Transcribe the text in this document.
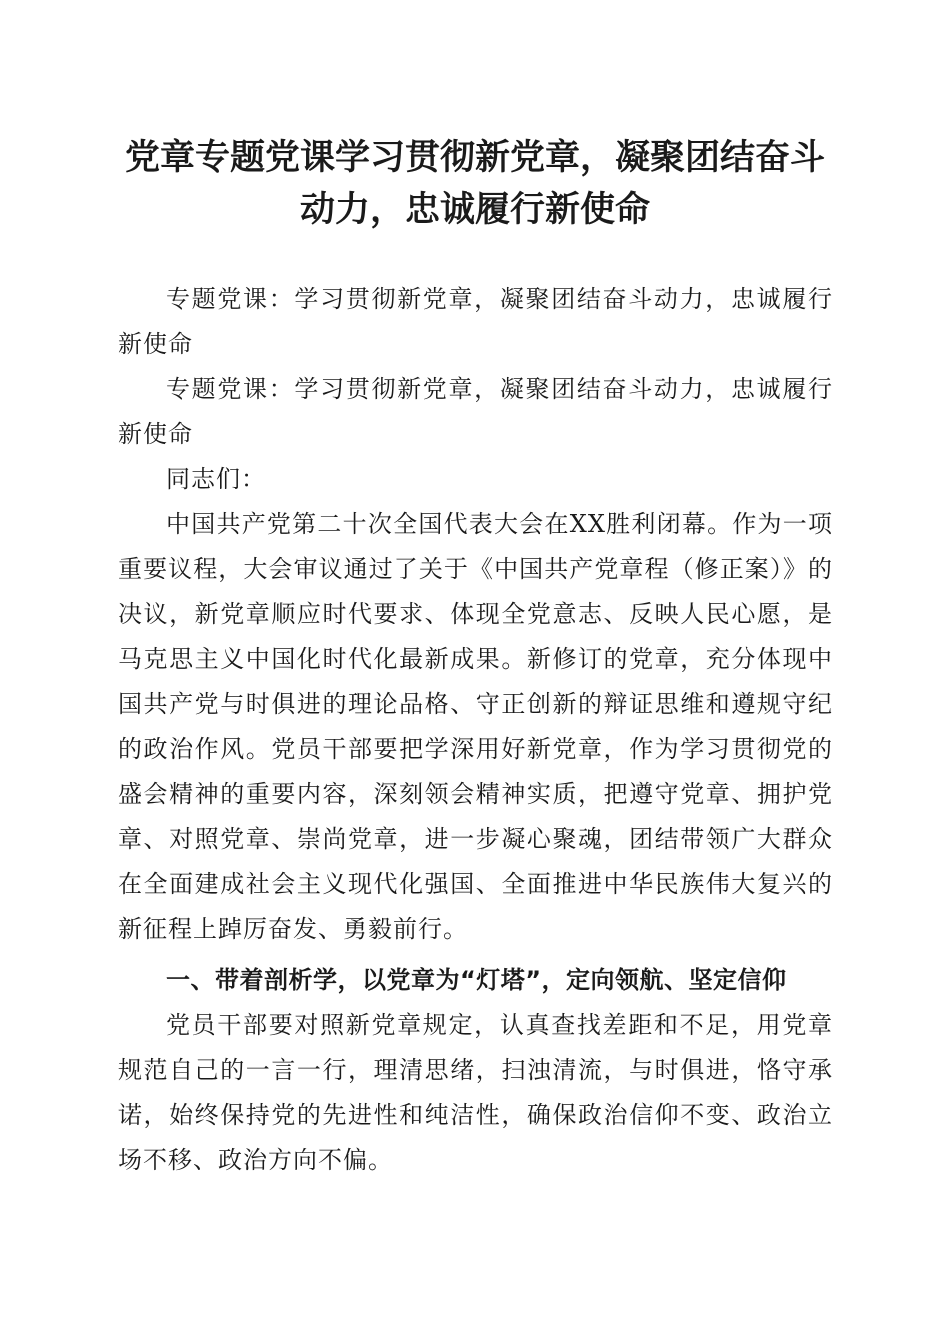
党章专题党课学习贯彻新党章，凝聚团结奋斗动力，忠诚履行新使命

专题党课：学习贯彻新党章，凝聚团结奋斗动力，忠诚履行新使命

专题党课：学习贯彻新党章，凝聚团结奋斗动力，忠诚履行新使命

同志们：

中国共产党第二十次全国代表大会在XX胜利闭幕。作为一项重要议程，大会审议通过了关于《中国共产党章程（修正案）》的决议，新党章顺应时代要求、体现全党意志、反映人民心愿，是马克思主义中国化时代化最新成果。新修订的党章，充分体现中国共产党与时俱进的理论品格、守正创新的辩证思维和遵规守纪的政治作风。党员干部要把学深用好新党章，作为学习贯彻党的盛会精神的重要内容，深刻领会精神实质，把遵守党章、拥护党章、对照党章、崇尚党章，进一步凝心聚魂，团结带领广大群众在全面建成社会主义现代化强国、全面推进中华民族伟大复兴的新征程上踔厉奋发、勇毅前行。

一、带着剖析学，以党章为“灯塔”，定向领航、坚定信仰

党员干部要对照新党章规定，认真查找差距和不足，用党章规范自己的一言一行，理清思绪，扫浊清流，与时俱进，恪守承诺，始终保持党的先进性和纯洁性，确保政治信仰不变、政治立场不移、政治方向不偏。
